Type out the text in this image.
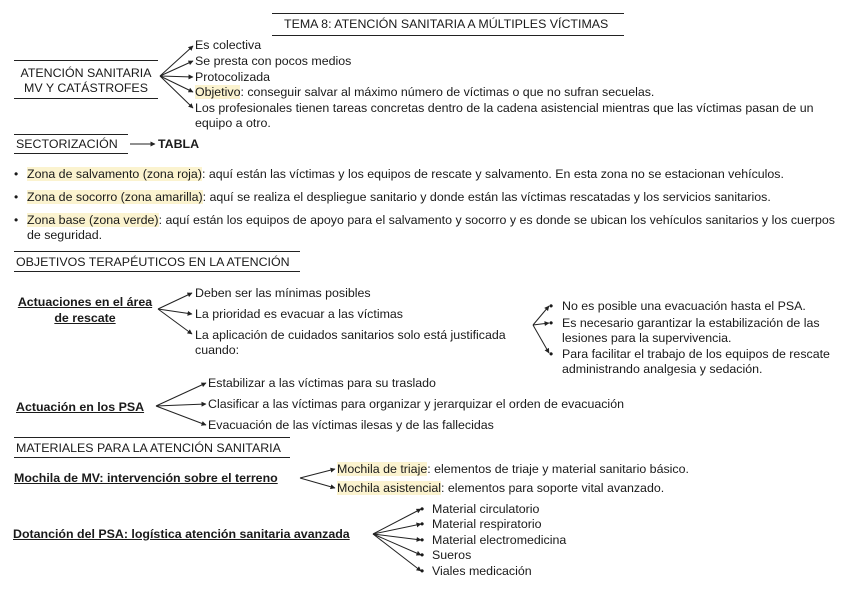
TEMA 8: ATENCIÓN SANITARIA A MÚLTIPLES VÍCTIMAS
ATENCIÓN SANITARIA
MV Y CATÁSTROFES
Es colectiva
Se presta con pocos medios
Protocolizada
Objetivo: conseguir salvar al máximo número de víctimas o que no sufran secuelas.
Los profesionales tienen tareas concretas dentro de la cadena asistencial mientras que las víctimas pasan de un equipo a otro.
SECTORIZACIÓN	TABLA
• Zona de salvamento (zona roja): aquí están las víctimas y los equipos de rescate y salvamento. En esta zona no se estacionan vehículos.
• Zona de socorro (zona amarilla): aquí se realiza el despliegue sanitario y donde están las víctimas rescatadas y los servicios sanitarios.
• Zona base (zona verde): aquí están los equipos de apoyo para el salvamento y socorro y es donde se ubican los vehículos sanitarios y los cuerpos de seguridad.
OBJETIVOS TERAPÉUTICOS EN LA ATENCIÓN
Actuaciones en el área
de rescate
Deben ser las mínimas posibles
La prioridad es evacuar a las víctimas
La aplicación de cuidados sanitarios solo está justificada cuando:
• No es posible una evacuación hasta el PSA.
• Es necesario garantizar la estabilización de las lesiones para la supervivencia.
• Para facilitar el trabajo de los equipos de rescate administrando analgesia y sedación.
Actuación en los PSA
Estabilizar a las víctimas para su traslado
Clasificar a las víctimas para organizar y jerarquizar el orden de evacuación
Evacuación de las víctimas ilesas y de las fallecidas
MATERIALES PARA LA ATENCIÓN SANITARIA
Mochila de MV: intervención sobre el terreno
Mochila de triaje: elementos de triaje y material sanitario básico.
Mochila asistencial: elementos para soporte vital avanzado.
Dotanción del PSA: logística atención sanitaria avanzada
• Material circulatorio
• Material respiratorio
• Material electromedicina
• Sueros
• Viales medicación
